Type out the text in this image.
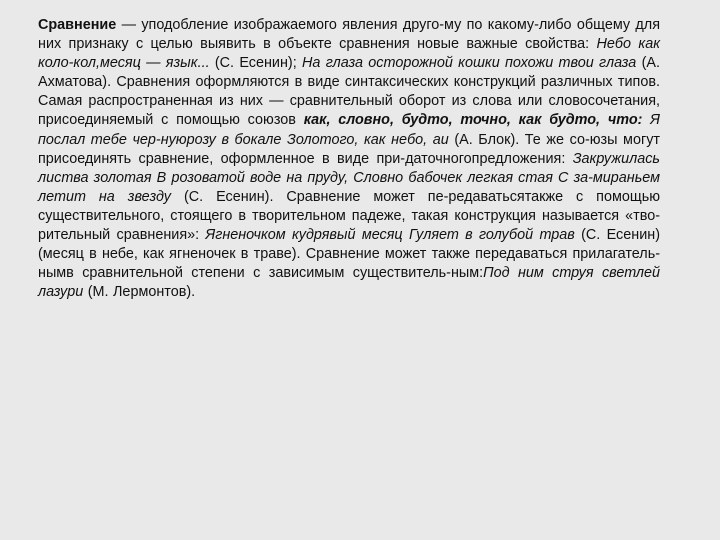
Сравнение — уподобление изображаемого явления друго-му по какому-либо общему для них признаку с целью выявить в объекте сравнения новые важные свойства: Небо как коло-кол,месяц — язык... (С. Есенин); На глаза осторожной кошки похожи твои глаза (А. Ахматова). Сравнения оформляются в виде синтаксических конструкций различных типов. Самая распространенная из них — сравнительный оборот из слова или словосочетания, присоединяемый с помощью союзов как, словно, будто, точно, как будто, что: Я послал тебе чер-нуюрозу в бокале Золотого, как небо, аи (А. Блок). Те же со-юзы могут присоединять сравнение, оформленное в виде при-даточногопредложения: Закружилась листва золотая В розоватой воде на пруду, Словно бабочек легкая стая С за-мираньем летит на звезду (С. Есенин). Сравнение может пе-редаватьсятакже с помощью существительного, стоящего в творительном падеже, такая конструкция называется «тво-рительный сравнения»: Ягненочком кудрявый месяц Гуляет в голубой трав (С. Есенин) (месяц в небе, как ягненочек в траве). Сравнение может также передаваться прилагатель-нымв сравнительной степени с зависимым существитель-ным:Под ним струя светлей лазури (М. Лермонтов).
